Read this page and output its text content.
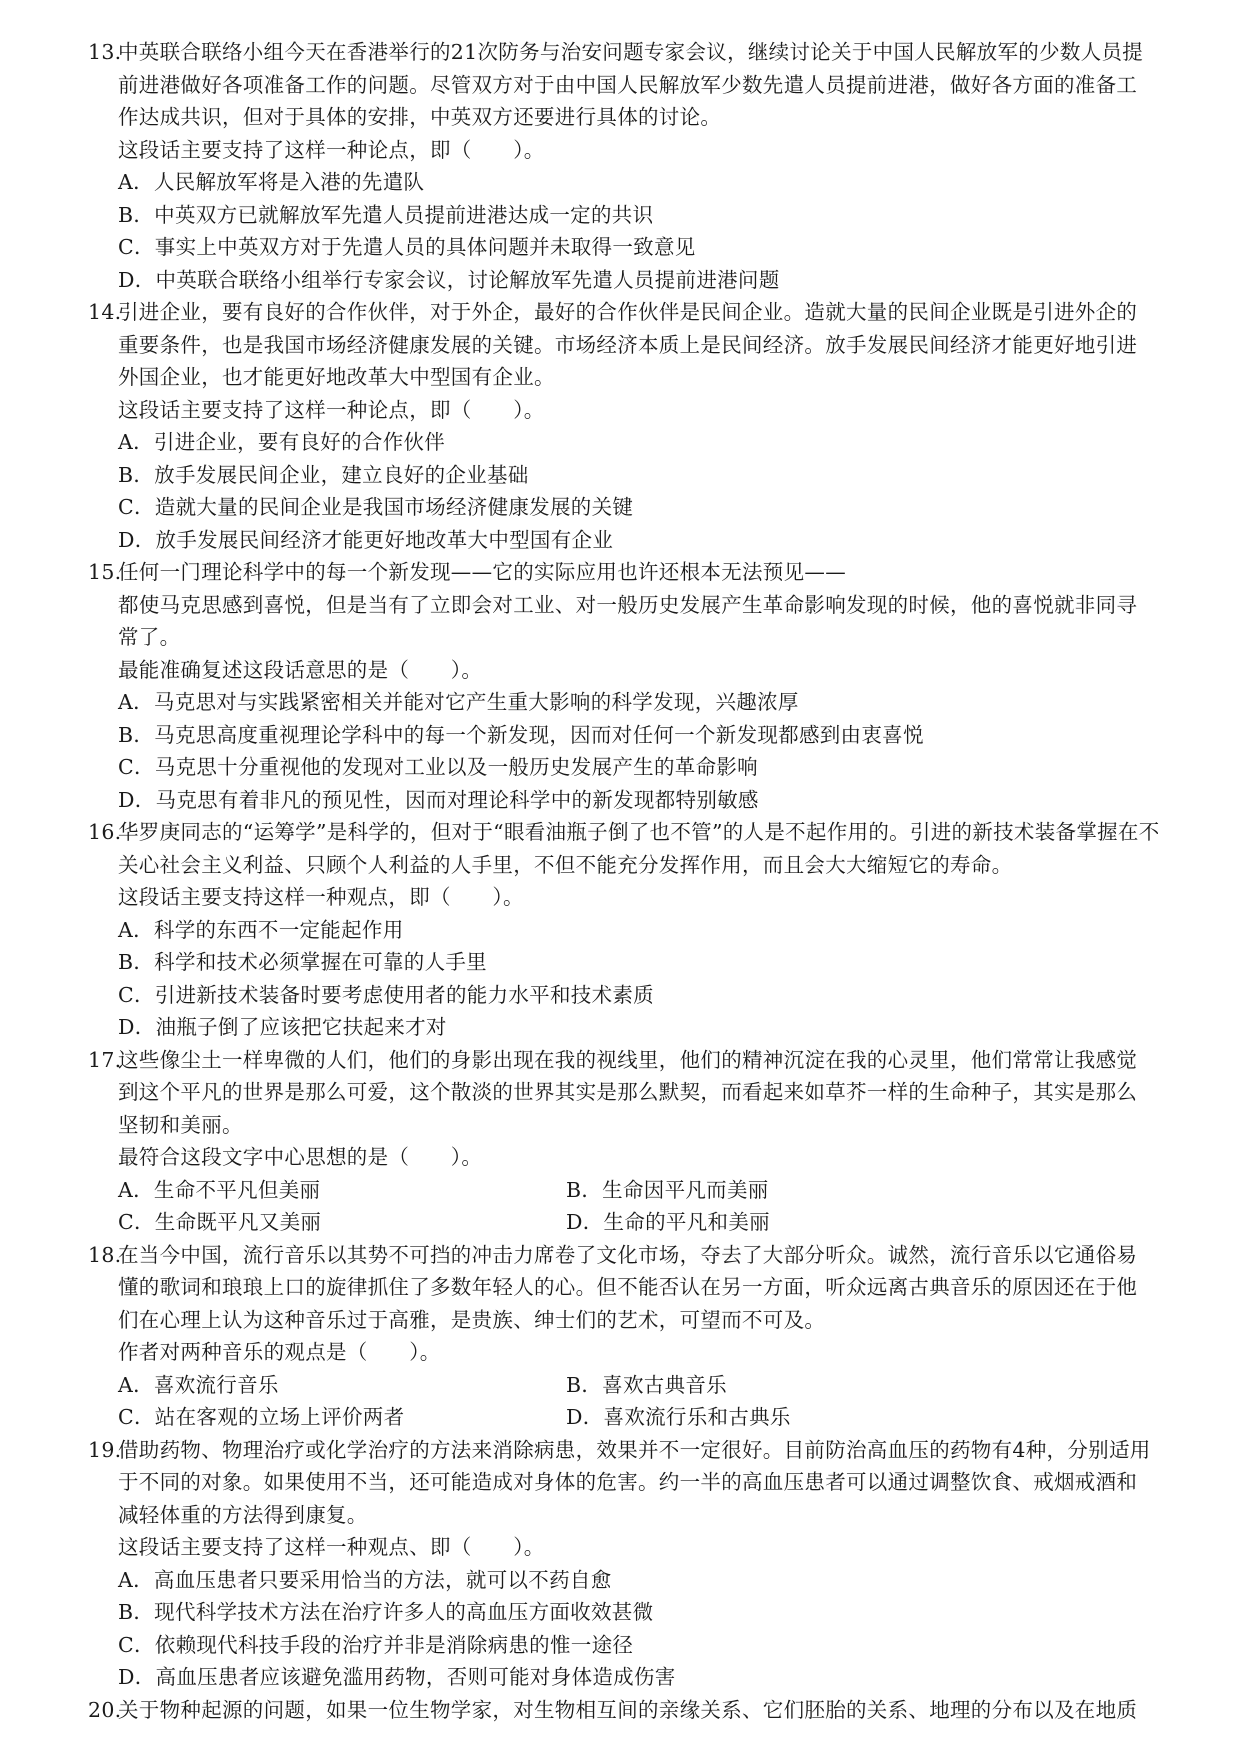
13.
中英联合联络小组今天在香港举行的21次防务与治安问题专家会议，继续讨论关于中国人民解放军的少数人员提
前进港做好各项准备工作的问题。尽管双方对于由中国人民解放军少数先遣人员提前进港，做好各方面的准备工
作达成共识，但对于具体的安排，中英双方还要进行具体的讨论。
这段话主要支持了这样一种论点，即（　　）。
A．人民解放军将是入港的先遣队
B．中英双方已就解放军先遣人员提前进港达成一定的共识
C．事实上中英双方对于先遣人员的具体问题并未取得一致意见
D．中英联合联络小组举行专家会议，讨论解放军先遣人员提前进港问题
14.
引进企业，要有良好的合作伙伴，对于外企，最好的合作伙伴是民间企业。造就大量的民间企业既是引进外企的
重要条件，也是我国市场经济健康发展的关键。市场经济本质上是民间经济。放手发展民间经济才能更好地引进
外国企业，也才能更好地改革大中型国有企业。
这段话主要支持了这样一种论点，即（　　）。
A．引进企业，要有良好的合作伙伴
B．放手发展民间企业，建立良好的企业基础
C．造就大量的民间企业是我国市场经济健康发展的关键
D．放手发展民间经济才能更好地改革大中型国有企业
15.
任何一门理论科学中的每一个新发现——它的实际应用也许还根本无法预见——
都使马克思感到喜悦，但是当有了立即会对工业、对一般历史发展产生革命影响发现的时候，他的喜悦就非同寻
常了。
最能准确复述这段话意思的是（　　）。
A．马克思对与实践紧密相关并能对它产生重大影响的科学发现，兴趣浓厚
B．马克思高度重视理论学科中的每一个新发现，因而对任何一个新发现都感到由衷喜悦
C．马克思十分重视他的发现对工业以及一般历史发展产生的革命影响
D．马克思有着非凡的预见性，因而对理论科学中的新发现都特别敏感
16.
华罗庚同志的“运筹学”是科学的，但对于“眼看油瓶子倒了也不管”的人是不起作用的。引进的新技术装备掌握在不
关心社会主义利益、只顾个人利益的人手里，不但不能充分发挥作用，而且会大大缩短它的寿命。
这段话主要支持这样一种观点，即（　　）。
A．科学的东西不一定能起作用
B．科学和技术必须掌握在可靠的人手里
C．引进新技术装备时要考虑使用者的能力水平和技术素质
D．油瓶子倒了应该把它扶起来才对
17.
这些像尘土一样卑微的人们，他们的身影出现在我的视线里，他们的精神沉淀在我的心灵里，他们常常让我感觉
到这个平凡的世界是那么可爱，这个散淡的世界其实是那么默契，而看起来如草芥一样的生命种子，其实是那么
坚韧和美丽。
最符合这段文字中心思想的是（　　）。
A．生命不平凡但美丽	B．生命因平凡而美丽
C．生命既平凡又美丽	D．生命的平凡和美丽
18.
在当今中国，流行音乐以其势不可挡的冲击力席卷了文化市场，夺去了大部分听众。诚然，流行音乐以它通俗易
懂的歌词和琅琅上口的旋律抓住了多数年轻人的心。但不能否认在另一方面，听众远离古典音乐的原因还在于他
们在心理上认为这种音乐过于高雅，是贵族、绅士们的艺术，可望而不可及。
作者对两种音乐的观点是（　　）。
A．喜欢流行音乐	B．喜欢古典音乐
C．站在客观的立场上评价两者	D．喜欢流行乐和古典乐
19.
借助药物、物理治疗或化学治疗的方法来消除病患，效果并不一定很好。目前防治高血压的药物有4种，分别适用
于不同的对象。如果使用不当，还可能造成对身体的危害。约一半的高血压患者可以通过调整饮食、戒烟戒酒和
减轻体重的方法得到康复。
这段话主要支持了这样一种观点、即（　　）。
A．高血压患者只要采用恰当的方法，就可以不药自愈
B．现代科学技术方法在治疗许多人的高血压方面收效甚微
C．依赖现代科技手段的治疗并非是消除病患的惟一途径
D．高血压患者应该避免滥用药物，否则可能对身体造成伤害
20.
关于物种起源的问题，如果一位生物学家，对生物相互间的亲缘关系、它们胚胎的关系、地理的分布以及在地质
